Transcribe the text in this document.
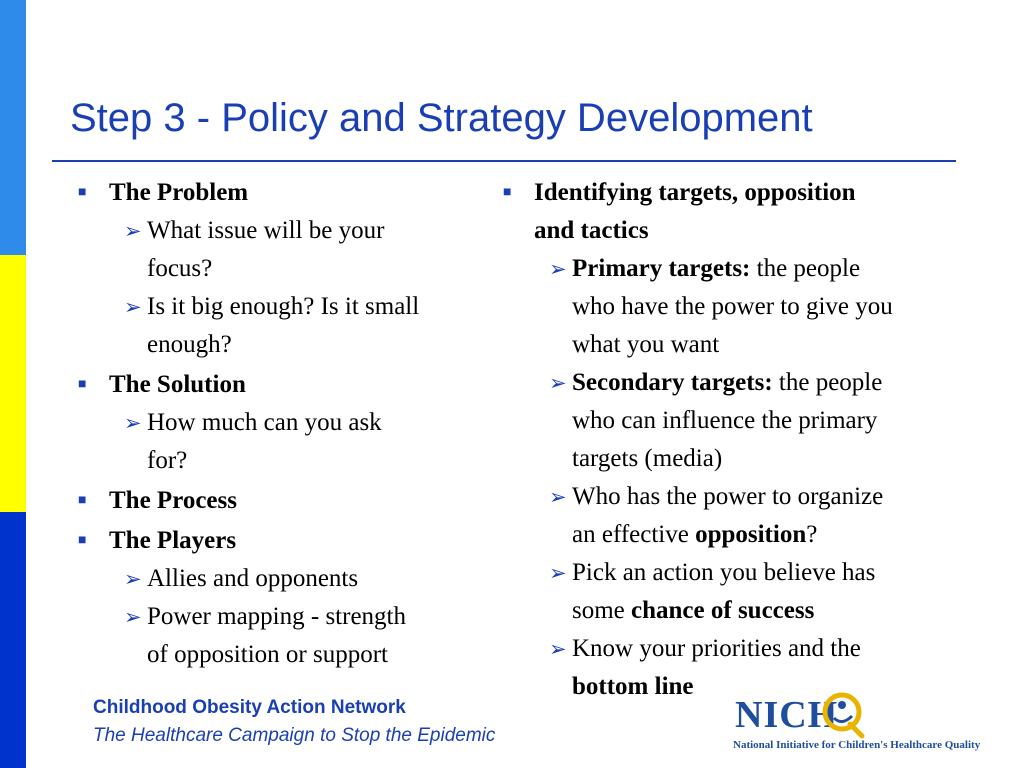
Step 3 - Policy and Strategy Development
■ The Problem
➢ What issue will be your
focus?
➢ Is it big enough? Is it small
enough?
■ The Solution
➢ How much can you ask
for?
■ The Process
■ The Players
➢ Allies and opponents
➢ Power mapping - strength
of opposition or support
■ Identifying targets, opposition
and tactics
➢ Primary targets: the people
who have the power to give you
what you want
➢ Secondary targets: the people
who can influence the primary
targets (media)
➢ Who has the power to organize
an effective opposition?
➢ Pick an action you believe has
some chance of success
➢ Know your priorities and the
bottom line
Childhood Obesity Action Network
The Healthcare Campaign to Stop the Epidemic	NICH
National Initiative for Children's Healthcare Quality
